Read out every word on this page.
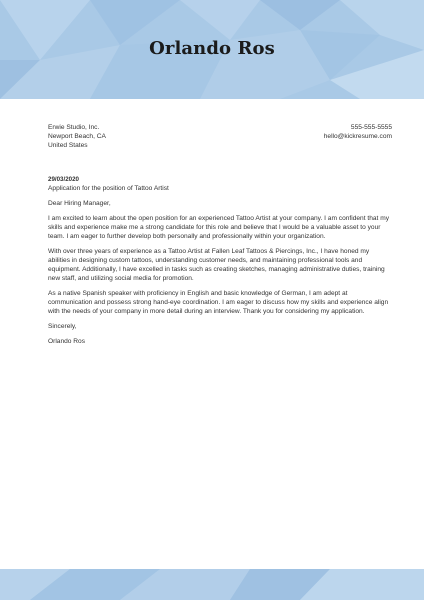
Orlando Ros
Erwie Studio, Inc.
Newport Beach, CA
United States
555-555-5555
hello@kickresume.com
29/03/2020
Application for the position of Tattoo Artist

Dear Hiring Manager,

I am excited to learn about the open position for an experienced Tattoo Artist at your company. I am confident that my skills and experience make me a strong candidate for this role and believe that I would be a valuable asset to your team. I am eager to further develop both personally and professionally within your organization.

With over three years of experience as a Tattoo Artist at Fallen Leaf Tattoos & Piercings, Inc., I have honed my abilities in designing custom tattoos, understanding customer needs, and maintaining professional tools and equipment. Additionally, I have excelled in tasks such as creating sketches, managing administrative duties, training new staff, and utilizing social media for promotion.

As a native Spanish speaker with proficiency in English and basic knowledge of German, I am adept at communication and possess strong hand-eye coordination. I am eager to discuss how my skills and experience align with the needs of your company in more detail during an interview. Thank you for considering my application.

Sincerely,

Orlando Ros
